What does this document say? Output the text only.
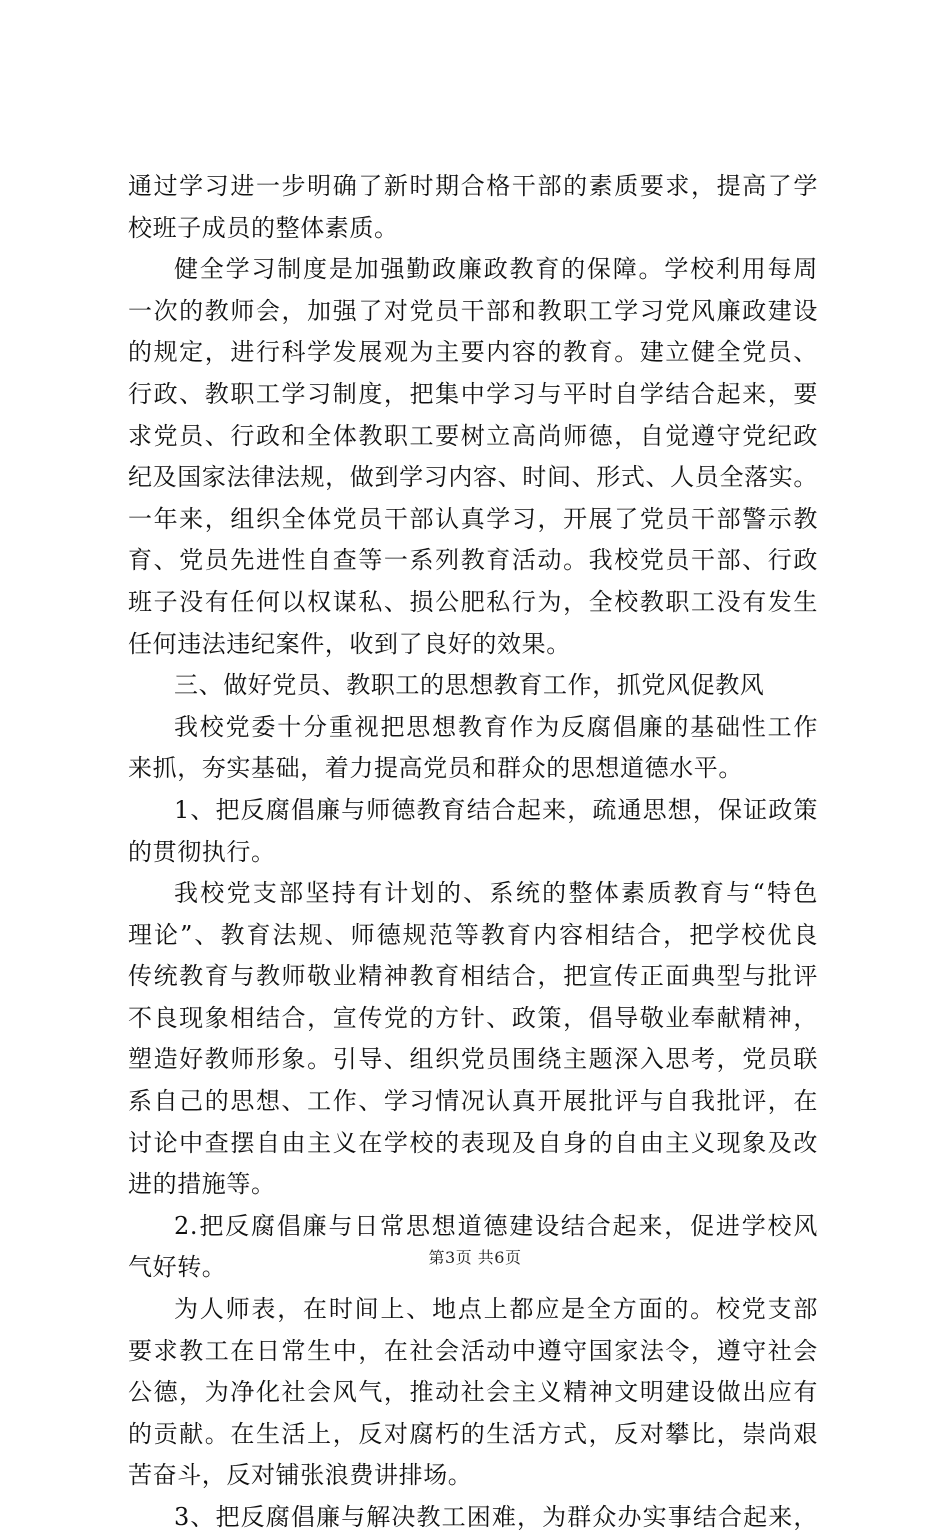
通过学习进一步明确了新时期合格干部的素质要求，提高了学
校班子成员的整体素质。
健全学习制度是加强勤政廉政教育的保障。学校利用每周
一次的教师会，加强了对党员干部和教职工学习党风廉政建设
的规定，进行科学发展观为主要内容的教育。建立健全党员、
行政、教职工学习制度，把集中学习与平时自学结合起来，要
求党员、行政和全体教职工要树立高尚师德，自觉遵守党纪政
纪及国家法律法规，做到学习内容、时间、形式、人员全落实。
一年来，组织全体党员干部认真学习，开展了党员干部警示教
育、党员先进性自查等一系列教育活动。我校党员干部、行政
班子没有任何以权谋私、损公肥私行为，全校教职工没有发生
任何违法违纪案件，收到了良好的效果。
三、做好党员、教职工的思想教育工作，抓党风促教风
我校党委十分重视把思想教育作为反腐倡廉的基础性工作
来抓，夯实基础，着力提高党员和群众的思想道德水平。
1、把反腐倡廉与师德教育结合起来，疏通思想，保证政策
的贯彻执行。
我校党支部坚持有计划的、系统的整体素质教育与“特色
理论”、教育法规、师德规范等教育内容相结合，把学校优良
传统教育与教师敬业精神教育相结合，把宣传正面典型与批评
不良现象相结合，宣传党的方针、政策，倡导敬业奉献精神，
塑造好教师形象。引导、组织党员围绕主题深入思考，党员联
系自己的思想、工作、学习情况认真开展批评与自我批评，在
讨论中查摆自由主义在学校的表现及自身的自由主义现象及改
进的措施等。
2.把反腐倡廉与日常思想道德建设结合起来，促进学校风
气好转。
为人师表，在时间上、地点上都应是全方面的。校党支部
要求教工在日常生中，在社会活动中遵守国家法令，遵守社会
公德，为净化社会风气，推动社会主义精神文明建设做出应有
的贡献。在生活上，反对腐朽的生活方式，反对攀比，崇尚艰
苦奋斗，反对铺张浪费讲排场。
3、把反腐倡廉与解决教工困难，为群众办实事结合起来，
第3页 共6页
